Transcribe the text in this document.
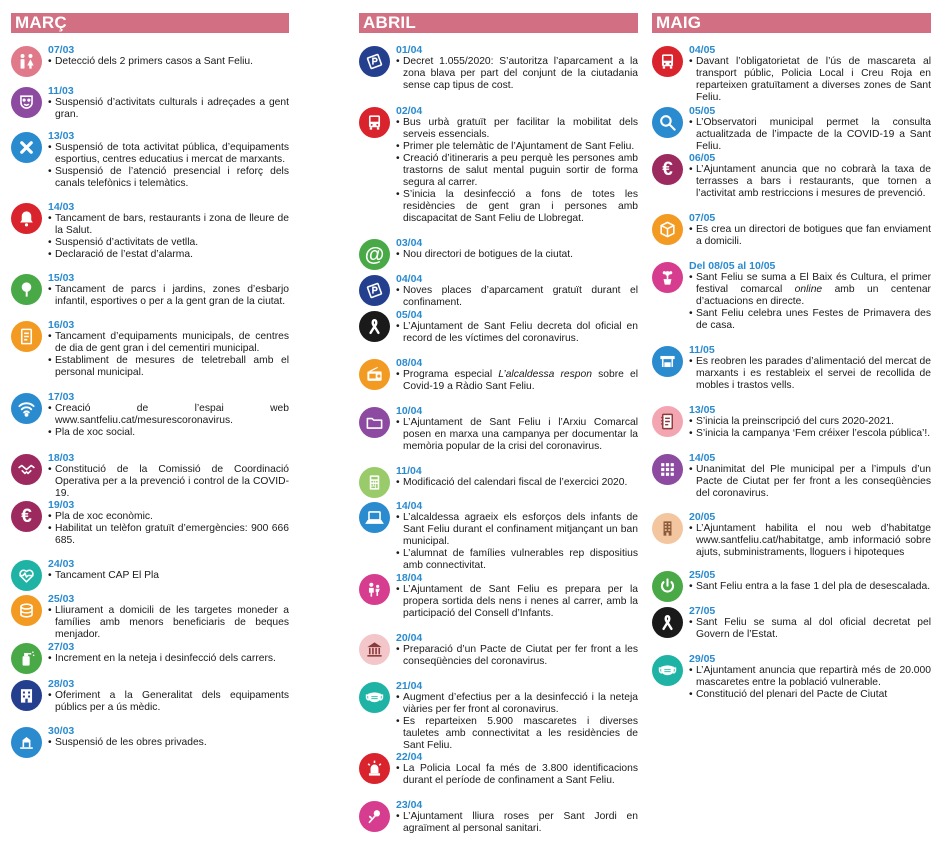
MARÇ
07/03
• Detecció dels 2 primers casos a Sant Feliu.
11/03
• Suspensió d’activitats culturals i adreçades a gent gran.
13/03
• Suspensió de tota activitat pública, d’equipaments esportius, centres educatius i mercat de marxants.
• Suspensió de l’atenció presencial i reforç dels canals telefònics i telemàtics.
14/03
• Tancament de bars, restaurants i zona de lleure de la Salut.
• Suspensió d’activitats de vetlla.
• Declaració de l’estat d’alarma.
15/03
• Tancament de parcs i jardins, zones d’esbarjo infantil, esportives o per a la gent gran de la ciutat.
16/03
• Tancament d’equipaments municipals, de centres de dia de gent gran i del cementiri municipal.
• Establiment de mesures de teletreball amb el personal municipal.
17/03
• Creació de l’espai web www.santfeliu.cat/mesurescoronavirus.
• Pla de xoc social.
18/03
• Constitució de la Comissió de Coordinació Operativa per a la prevenció i control de la COVID-19.
€
19/03
• Pla de xoc econòmic.
• Habilitat un telèfon gratuït d’emergències: 900 666 685.
24/03
• Tancament CAP El Pla
25/03
• Lliurament a domicili de les targetes moneder a famílies amb menors beneficiaris de beques menjador.
27/03
• Increment en la neteja i desinfecció dels carrers.
28/03
• Oferiment a la Generalitat dels equipaments públics per a ús mèdic.
30/03
• Suspensió de les obres privades.
ABRIL
01/04
• Decret 1.055/2020: S’autoritza l’aparcament a la zona blava per part del conjunt de la ciutadania sense cap tipus de cost.
02/04
• Bus urbà gratuït per facilitar la mobilitat dels serveis essencials.
• Primer ple telemàtic de l’Ajuntament de Sant Feliu.
• Creació d’itineraris a peu perquè les persones amb trastorns de salut mental puguin sortir de forma segura al carrer.
• S’inicia la desinfecció a fons de totes les residències de gent gran i persones amb discapacitat de Sant Feliu de Llobregat.
@
03/04
• Nou directori de botigues de la ciutat.
04/04
• Noves places d’aparcament gratuït durant el confinament.
05/04
• L’Ajuntament de Sant Feliu decreta dol oficial en record de les víctimes del coronavirus.
08/04
• Programa especial L’alcaldessa respon sobre el Covid-19 a Ràdio Sant Feliu.
10/04
• L’Ajuntament de Sant Feliu i l’Arxiu Comarcal posen en marxa una campanya per documentar la memòria popular de la crisi del coronavirus.
11/04
• Modificació del calendari fiscal de l’exercici 2020.
14/04
• L’alcaldessa agraeix els esforços dels infants de Sant Feliu durant el confinament mitjançant un ban municipal.
• L’alumnat de famílies vulnerables rep dispositius amb connectivitat.
18/04
• L’Ajuntament de Sant Feliu es prepara per la propera sortida dels nens i nenes al carrer, amb la participació del Consell d’Infants.
20/04
• Preparació d’un Pacte de Ciutat per fer front a les conseqüències del coronavirus.
21/04
• Augment d’efectius per a la desinfecció i la neteja viàries per fer front al coronavirus.
• Es reparteixen 5.900 mascaretes i diverses tauletes amb connectivitat a les residències de Sant Feliu.
22/04
• La Policia Local fa més de 3.800 identificacions durant el període de confinament a Sant Feliu.
23/04
• L’Ajuntament lliura roses per Sant Jordi en agraïment al personal sanitari.
MAIG
04/05
• Davant l’obligatorietat de l’ús de mascareta al transport públic, Policia Local i Creu Roja en reparteixen gratuïtament a diverses zones de Sant Feliu.
05/05
• L’Observatori municipal permet la consulta actualitzada de l’impacte de la COVID-19 a Sant Feliu.
€
06/05
• L’Ajuntament anuncia que no cobrarà la taxa de terrasses a bars i restaurants, que tornen a l’activitat amb restriccions i mesures de prevenció.
07/05
• Es crea un directori de botigues que fan enviament a domicili.
Del 08/05 al 10/05
• Sant Feliu se suma a El Baix és Cultura, el primer festival comarcal online amb un centenar d’actuacions en directe.
• Sant Feliu celebra unes Festes de Primavera des de casa.
11/05
• Es reobren les parades d’alimentació del mercat de marxants i es restableix el servei de recollida de mobles i trastos vells.
13/05
• S’inicia la preinscripció del curs 2020-2021.
• S’inicia la campanya ‘Fem créixer l’escola pública’!.
14/05
• Unanimitat del Ple municipal per a l’impuls d’un Pacte de Ciutat per fer front a les conseqüències del coronavirus.
20/05
• L’Ajuntament habilita el nou web d’habitatge www.santfeliu.cat/habitatge, amb informació sobre ajuts, subministraments, lloguers i hipoteques
25/05
• Sant Feliu entra a la fase 1 del pla de desescalada.
27/05
• Sant Feliu se suma al dol oficial decretat pel Govern de l’Estat.
29/05
• L’Ajuntament anuncia que repartirà més de 20.000 mascaretes entre la població vulnerable.
• Constitució del plenari del Pacte de Ciutat
